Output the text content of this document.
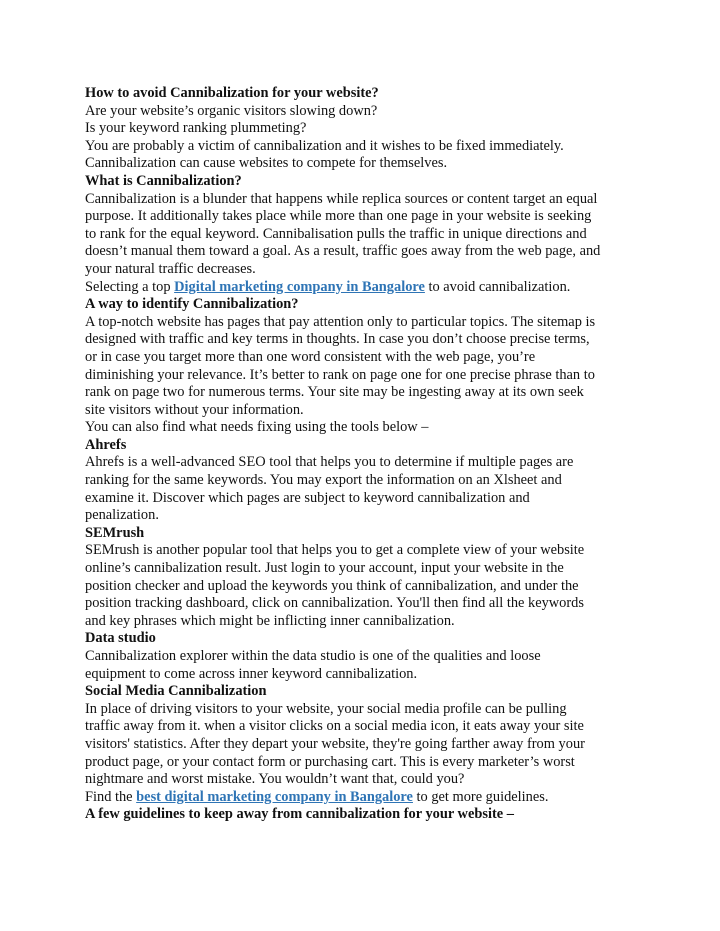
How to avoid Cannibalization for your website?
Are your website’s organic visitors slowing down?
Is your keyword ranking plummeting?
You are probably a victim of cannibalization and it wishes to be fixed immediately.
Cannibalization can cause websites to compete for themselves.
What is Cannibalization?
Cannibalization is a blunder that happens while replica sources or content target an equal
purpose. It additionally takes place while more than one page in your website is seeking
to rank for the equal keyword. Cannibalisation pulls the traffic in unique directions and
doesn’t manual them toward a goal. As a result, traffic goes away from the web page, and
your natural traffic decreases.
Selecting a top Digital marketing company in Bangalore to avoid cannibalization.
A way to identify Cannibalization?
A top-notch website has pages that pay attention only to particular topics. The sitemap is
designed with traffic and key terms in thoughts. In case you don’t choose precise terms,
or in case you target more than one word consistent with the web page, you’re
diminishing your relevance. It’s better to rank on page one for one precise phrase than to
rank on page two for numerous terms. Your site may be ingesting away at its own seek
site visitors without your information.
You can also find what needs fixing using the tools below –
Ahrefs
Ahrefs is a well-advanced SEO tool that helps you to determine if multiple pages are
ranking for the same keywords. You may export the information on an Xlsheet and
examine it. Discover which pages are subject to keyword cannibalization and
penalization.
SEMrush
SEMrush is another popular tool that helps you to get a complete view of your website
online’s cannibalization result. Just login to your account, input your website in the
position checker and upload the keywords you think of cannibalization, and under the
position tracking dashboard, click on cannibalization. You'll then find all the keywords
and key phrases which might be inflicting inner cannibalization.
Data studio
Cannibalization explorer within the data studio is one of the qualities and loose
equipment to come across inner keyword cannibalization.
Social Media Cannibalization
In place of driving visitors to your website, your social media profile can be pulling
traffic away from it. when a visitor clicks on a social media icon, it eats away your site
visitors' statistics. After they depart your website, they're going farther away from your
product page, or your contact form or purchasing cart. This is every marketer’s worst
nightmare and worst mistake. You wouldn’t want that, could you?
Find the best digital marketing company in Bangalore to get more guidelines.
A few guidelines to keep away from cannibalization for your website –
